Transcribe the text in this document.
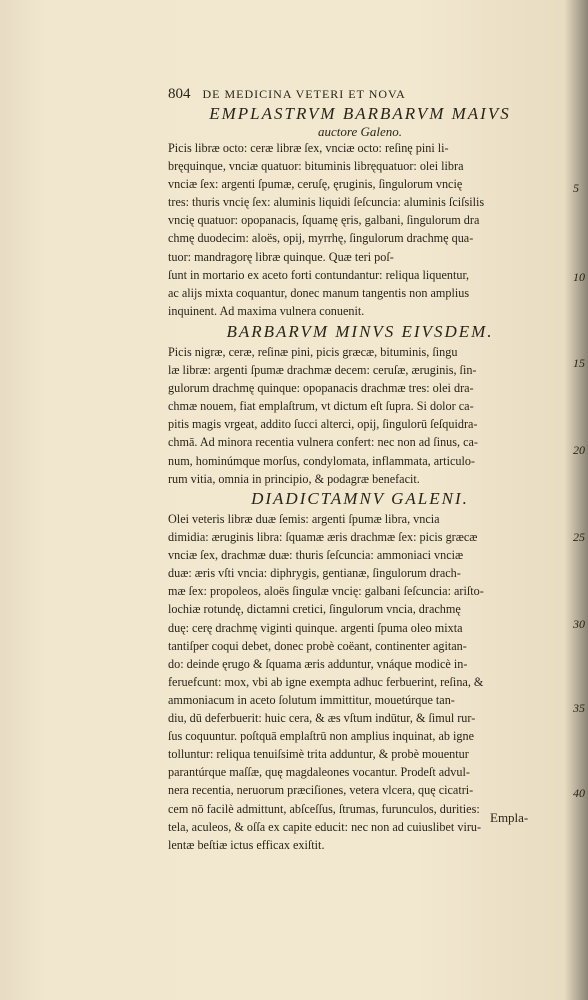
804 DE MEDICINA VETERI ET NOVA
EMPLASTRVM BARBARVM MAIVS
auctore Galeno.
Picis libræ octo: ceræ libræ ſex, vnciæ octo: reſinę pini li-
bręquinque, vnciæ quatuor: bituminis libręquatuor: olei libra
vnciæ ſex: argenti ſpumæ, ceruſę, ęruginis, ſingulorum vncię
tres: thuris vncię ſex: aluminis liquidi ſeſcuncia: aluminis ſciſsilis
vncię quatuor: opopanacis, ſquamę ęris, galbani, ſingulorum dra
chmę duodecim: aloës, opij, myrrhę, ſingulorum drachmę qua-
tuor: mandragorę libræ quinque. Quæ teri poſ-
ſunt in mortario ex aceto forti contundantur: reliqua liquentur,
ac alijs mixta coquantur, donec manum tangentis non amplius
inquinent. Ad maxima vulnera conuenit.
BARBARVM MINVS EIVSDEM.
Picis nigræ, ceræ, reſinæ pini, picis græcæ, bituminis, ſingu
læ libræ: argenti ſpumæ drachmæ decem: ceruſæ, æruginis, ſin-
gulorum drachmę quinque: opopanacis drachmæ tres: olei dra-
chmæ nouem, fiat emplaſtrum, vt dictum eſt ſupra. Si dolor ca-
pitis magis vrgeat, addito ſucci alterci, opij, ſingulorū ſeſquidra-
chmā. Ad minora recentia vulnera confert: nec non ad ſinus, ca-
num, hominúmque morſus, condylomata, inflammata, articulo-
rum vitia, omnia in principio, & podagræ benefacit.
DIADICTAMNV GALENI.
Olei veteris libræ duæ ſemis: argenti ſpumæ libra, vncia
dimidia: æruginis libra: ſquamæ æris drachmæ ſex: picis græcæ
vnciæ ſex, drachmæ duæ: thuris ſeſcuncia: ammoniaci vnciæ
duæ: æris vſti vncia: diphrygis, gentianæ, ſingulorum drach-
mæ ſex: propoleos, aloës ſingulæ vncię: galbani ſeſcuncia: ariſto-
lochiæ rotundę, dictamni cretici, ſingulorum vncia, drachmę
duę: cerę drachmę viginti quinque. argenti ſpuma oleo mixta
tantiſper coqui debet, donec probè coëant, continenter agitan-
do: deinde ęrugo & ſquama æris adduntur, vnáque modicè in-
feruefcunt: mox, vbi ab igne exempta adhuc ferbuerint, reſina, &
ammoniacum in aceto ſolutum immittitur, mouetúrque tan-
diu, dū deferbuerit: huic cera, & æs vſtum indūtur, & ſimul rur-
ſus coquuntur. poſtquā emplaſtrū non amplius inquinat, ab igne
tolluntur: reliqua tenuiſsimè trita adduntur, & probè mouentur
parantúrque maſſæ, quę magdaleones vocantur. Prodeſt advul-
nera recentia, neruorum præciſiones, vetera vlcera, quę cicatri-
cem nō facilè admittunt, abſceſſus, ſtrumas, furunculos, durities:
tela, aculeos, & oſſa ex capite educit: nec non ad cuiuslibet viru-
lentæ beſtiæ ictus efficax exiſtit.
5
10
15
20
25
30
35
40
Empla-
